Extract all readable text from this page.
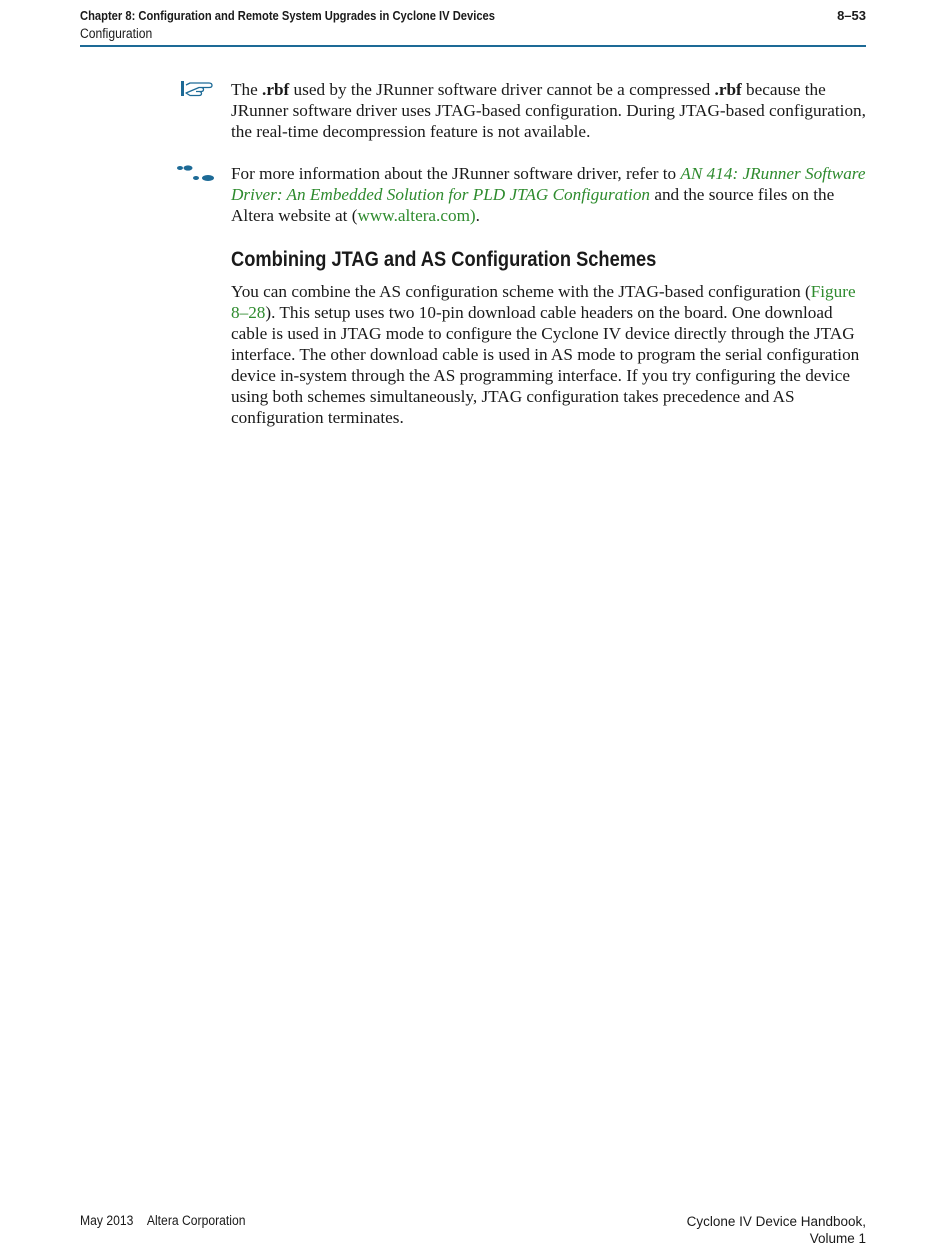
Chapter 8: Configuration and Remote System Upgrades in Cyclone IV Devices
Configuration
8–53

The .rbf used by the JRunner software driver cannot be a compressed .rbf because the JRunner software driver uses JTAG-based configuration. During JTAG-based configuration, the real-time decompression feature is not available.

For more information about the JRunner software driver, refer to AN 414: JRunner Software Driver: An Embedded Solution for PLD JTAG Configuration and the source files on the Altera website at (www.altera.com).

Combining JTAG and AS Configuration Schemes

You can combine the AS configuration scheme with the JTAG-based configuration (Figure 8–28). This setup uses two 10-pin download cable headers on the board. One download cable is used in JTAG mode to configure the Cyclone IV device directly through the JTAG interface. The other download cable is used in AS mode to program the serial configuration device in-system through the AS programming interface. If you try configuring the device using both schemes simultaneously, JTAG configuration takes precedence and AS configuration terminates.

May 2013 Altera Corporation	Cyclone IV Device Handbook,
Volume 1
